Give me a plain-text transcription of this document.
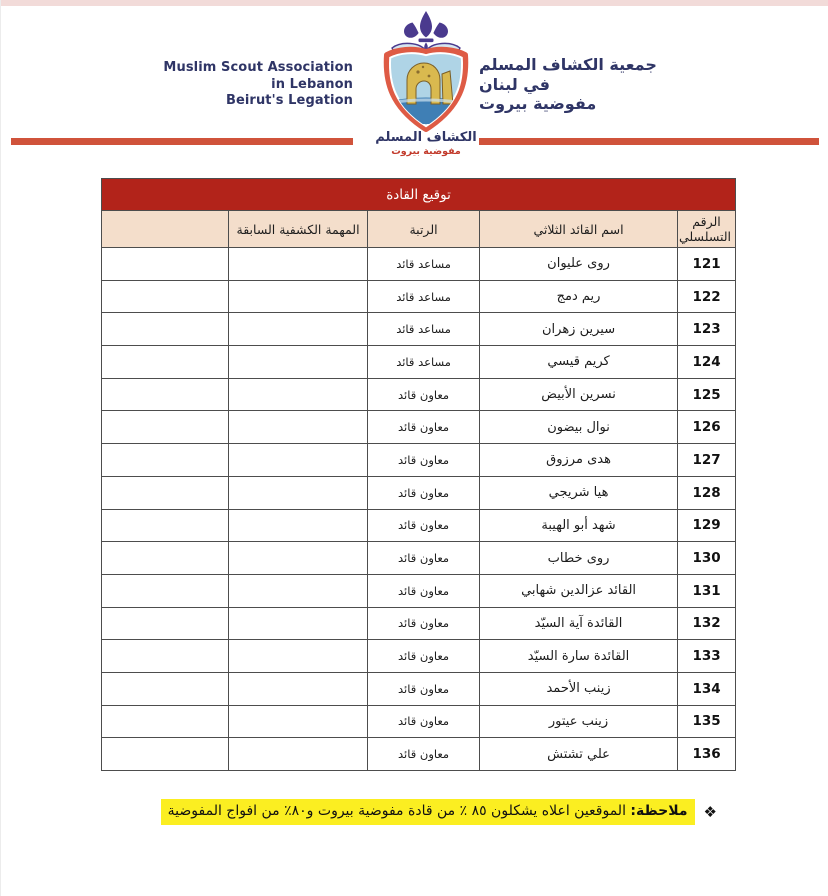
Muslim Scout Association
in Lebanon
Beirut's Legation
جمعية الكشاف المسلم
في لبنان
مفوضية بيروت
الكشاف المسلم
مفوضية بيروت
توقيع القادة				
الرقم التسلسلي	اسم القائد الثلاثي	الرتبة	المهمة الكشفية السابقة	
121	روى عليوان	مساعد قائد		
122	ريم دمج	مساعد قائد		
123	سيرين زهران	مساعد قائد		
124	كريم قيسي	مساعد قائد		
125	نسرين الأبيض	معاون قائد		
126	نوال بيضون	معاون قائد		
127	هدى مرزوق	معاون قائد		
128	هيا شريجي	معاون قائد		
129	شهد أبو الهيبة	معاون قائد		
130	روى خطاب	معاون قائد		
131	القائد عزالدين شهابي	معاون قائد		
132	القائدة آية السيّد	معاون قائد		
133	القائدة سارة السيّد	معاون قائد		
134	زينب الأحمد	معاون قائد		
135	زينب عيتور	معاون قائد		
136	علي تشتش	معاون قائد		
❖
ملاحظة: الموقعين اعلاه يشكلون ٨٥ ٪ من قادة مفوضية بيروت و٨٠٪ من افواج المفوضية
